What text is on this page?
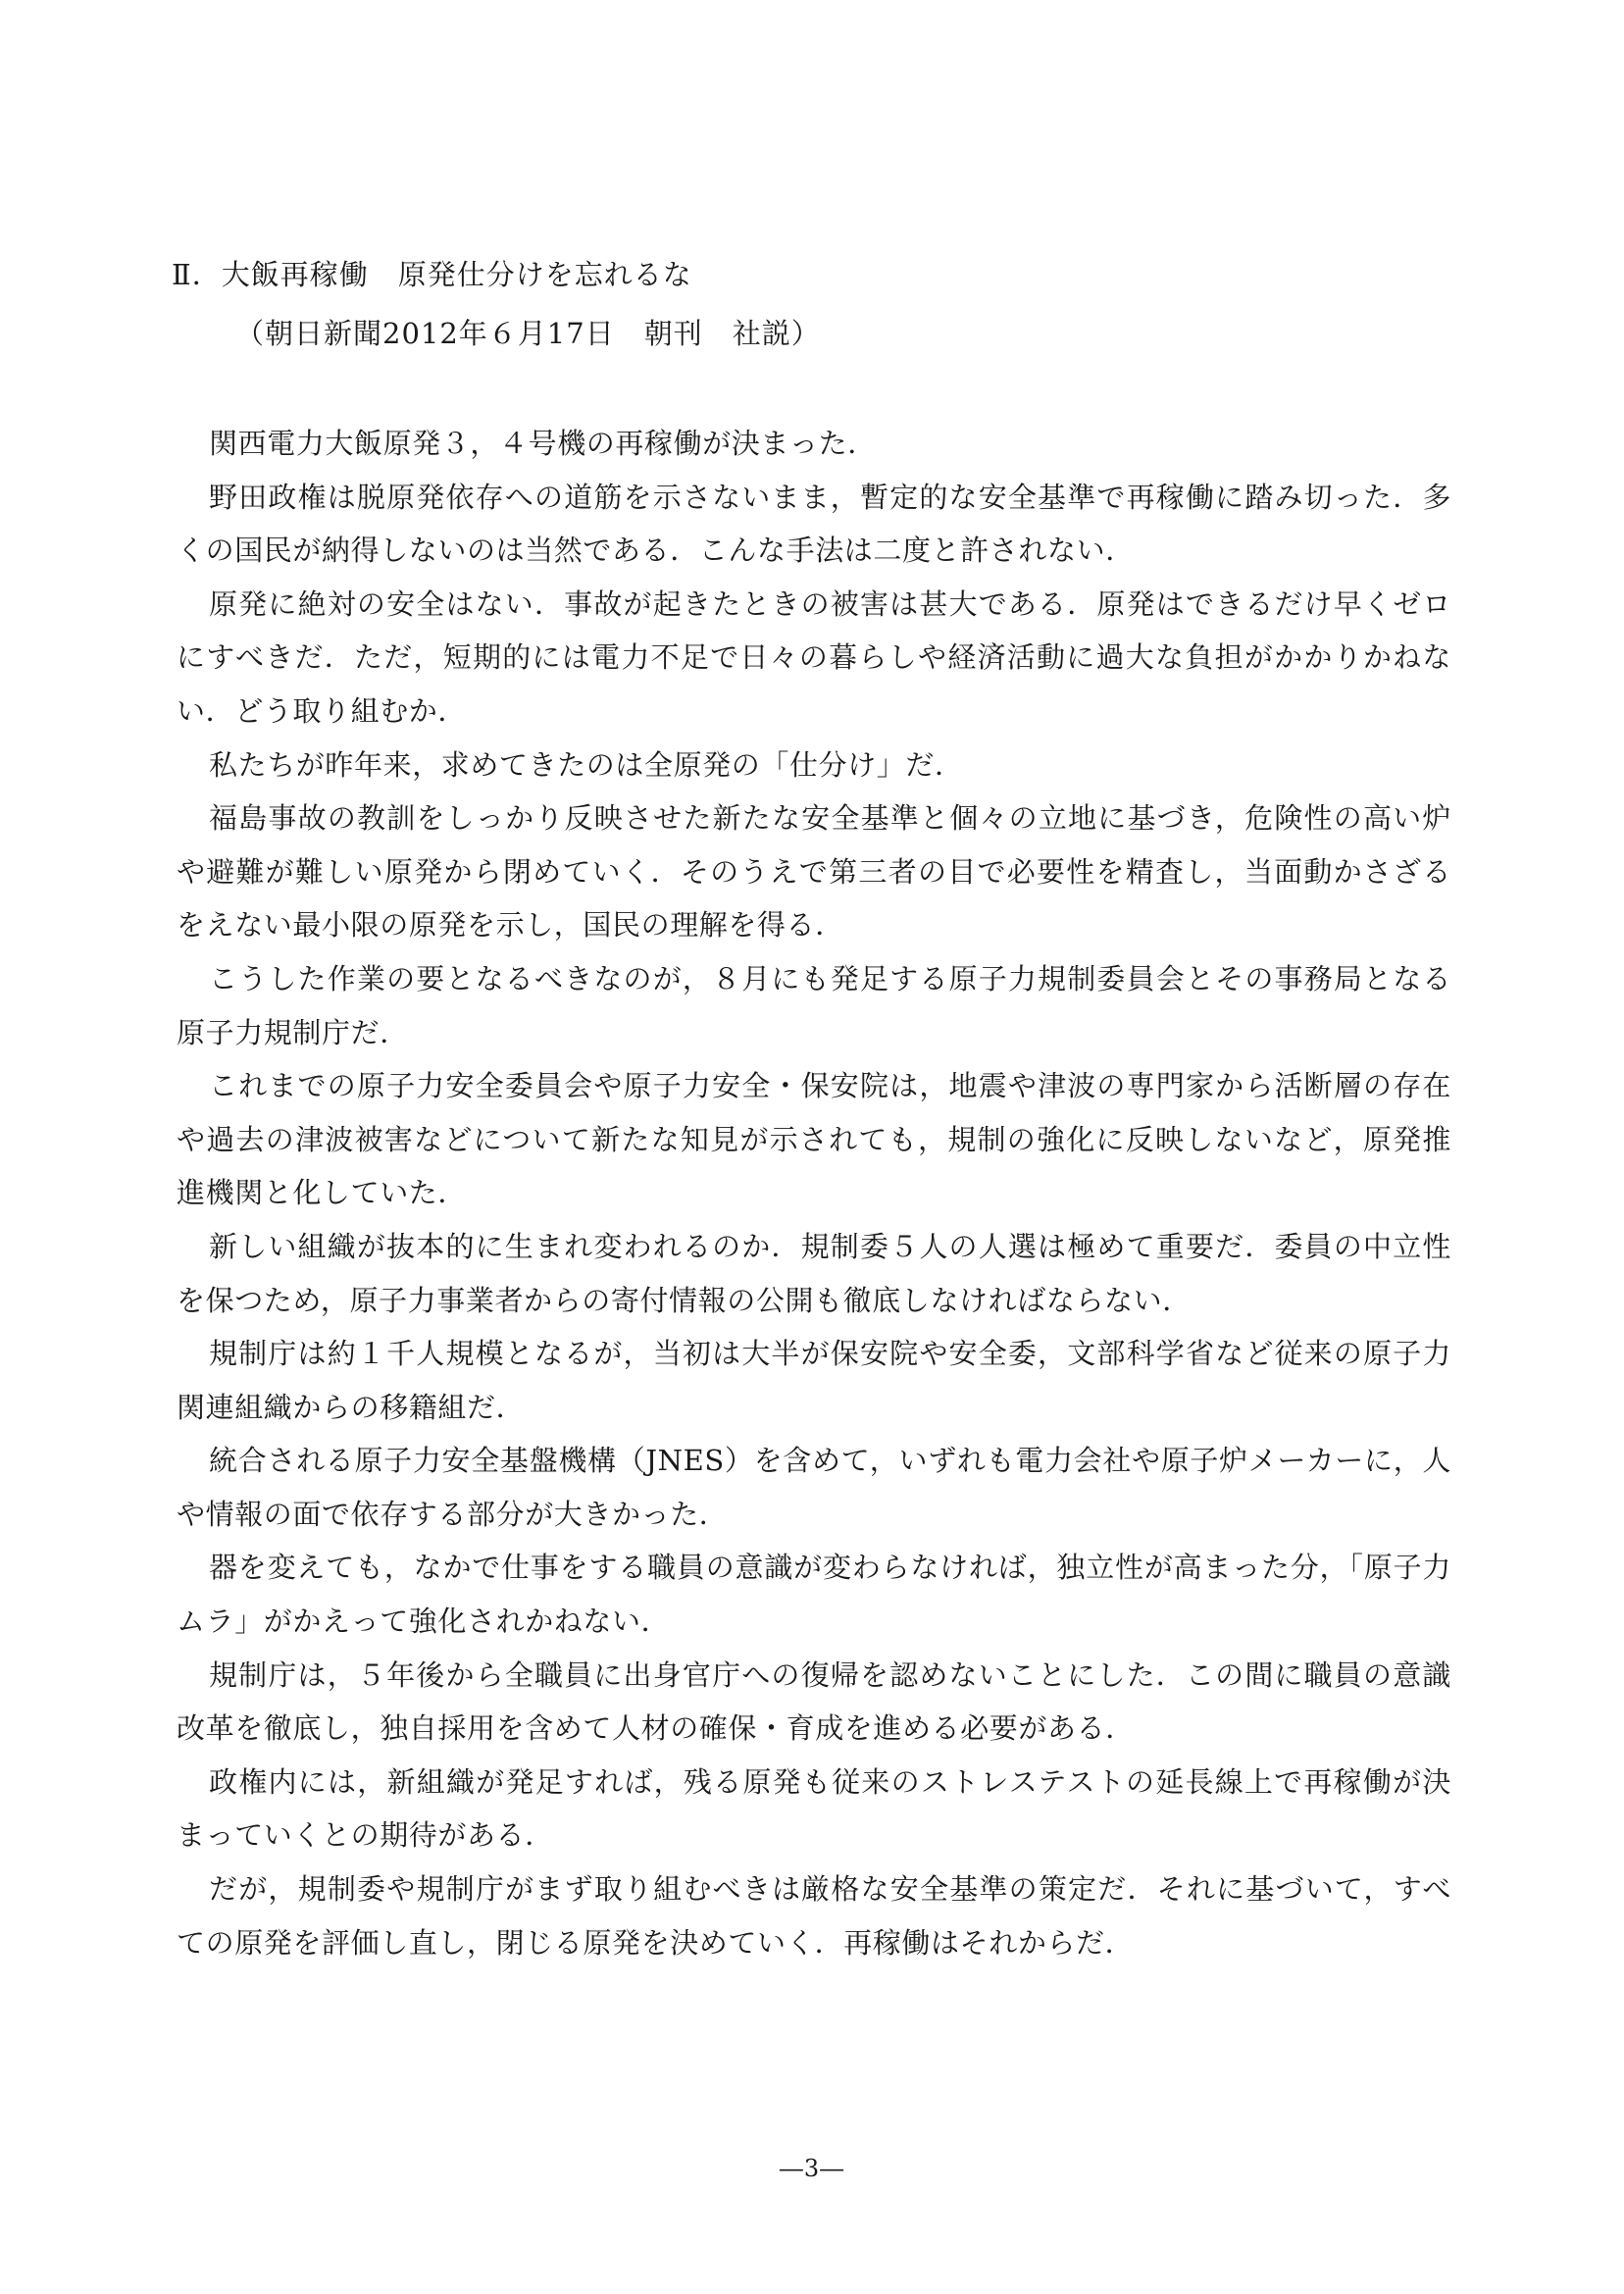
Ⅱ．大飯再稼働　原発仕分けを忘れるな
（朝日新聞2012年６月17日　朝刊　社説）

関西電力大飯原発３，４号機の再稼働が決まった．

野田政権は脱原発依存への道筋を示さないまま，暫定的な安全基準で再稼働に踏み切った．多くの国民が納得しないのは当然である．こんな手法は二度と許されない．

原発に絶対の安全はない．事故が起きたときの被害は甚大である．原発はできるだけ早くゼロにすべきだ．ただ，短期的には電力不足で日々の暮らしや経済活動に過大な負担がかかりかねない．どう取り組むか．

私たちが昨年来，求めてきたのは全原発の「仕分け」だ．

福島事故の教訓をしっかり反映させた新たな安全基準と個々の立地に基づき，危険性の高い炉や避難が難しい原発から閉めていく．そのうえで第三者の目で必要性を精査し，当面動かさざるをえない最小限の原発を示し，国民の理解を得る．

こうした作業の要となるべきなのが，８月にも発足する原子力規制委員会とその事務局となる原子力規制庁だ．

これまでの原子力安全委員会や原子力安全・保安院は，地震や津波の専門家から活断層の存在や過去の津波被害などについて新たな知見が示されても，規制の強化に反映しないなど，原発推進機関と化していた．

新しい組織が抜本的に生まれ変われるのか．規制委５人の人選は極めて重要だ．委員の中立性を保つため，原子力事業者からの寄付情報の公開も徹底しなければならない．

規制庁は約１千人規模となるが，当初は大半が保安院や安全委，文部科学省など従来の原子力関連組織からの移籍組だ．

統合される原子力安全基盤機構（JNES）を含めて，いずれも電力会社や原子炉メーカーに，人や情報の面で依存する部分が大きかった．

器を変えても，なかで仕事をする職員の意識が変わらなければ，独立性が高まった分，「原子力ムラ」がかえって強化されかねない．

規制庁は，５年後から全職員に出身官庁への復帰を認めないことにした．この間に職員の意識改革を徹底し，独自採用を含めて人材の確保・育成を進める必要がある．

政権内には，新組織が発足すれば，残る原発も従来のストレステストの延長線上で再稼働が決まっていくとの期待がある．

だが，規制委や規制庁がまず取り組むべきは厳格な安全基準の策定だ．それに基づいて，すべての原発を評価し直し，閉じる原発を決めていく．再稼働はそれからだ．

―3―
